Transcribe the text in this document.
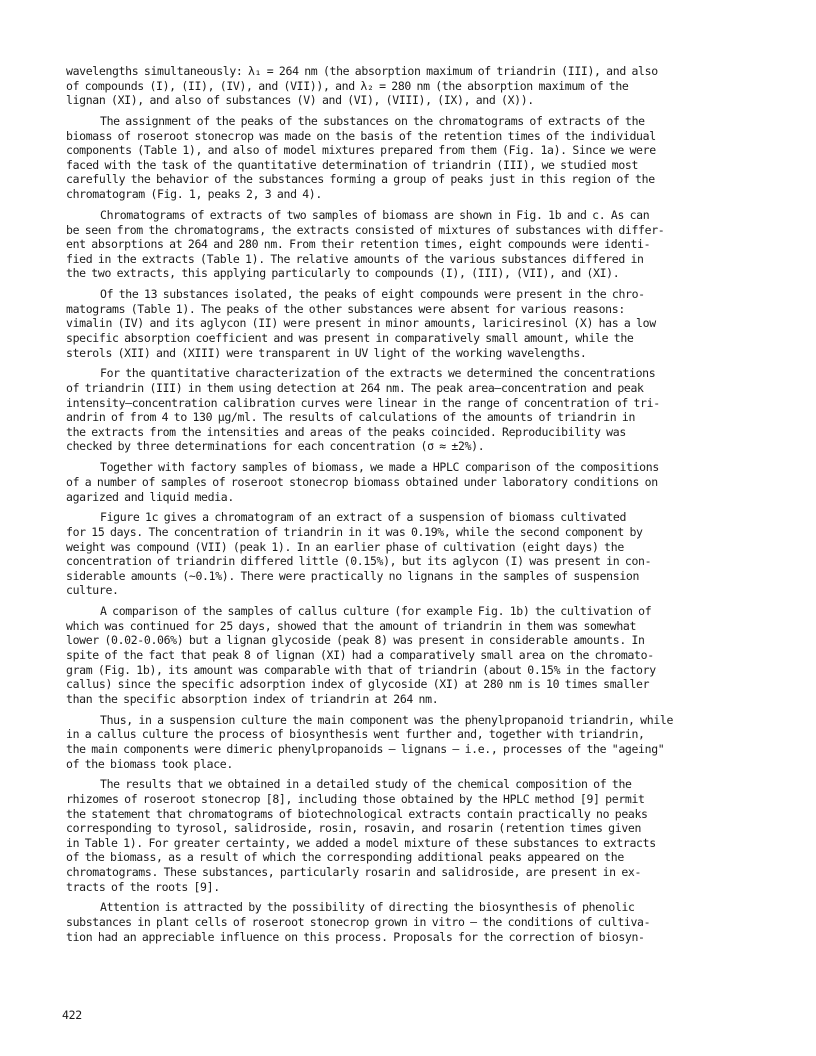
wavelengths simultaneously: λ₁ = 264 nm (the absorption maximum of triandrin (III), and also
of compounds (I), (II), (IV), and (VII)), and λ₂ = 280 nm (the absorption maximum of the
lignan (XI), and also of substances (V) and (VI), (VIII), (IX), and (X)).

The assignment of the peaks of the substances on the chromatograms of extracts of the
biomass of roseroot stonecrop was made on the basis of the retention times of the individual
components (Table 1), and also of model mixtures prepared from them (Fig. 1a). Since we were
faced with the task of the quantitative determination of triandrin (III), we studied most
carefully the behavior of the substances forming a group of peaks just in this region of the
chromatogram (Fig. 1, peaks 2, 3 and 4).

Chromatograms of extracts of two samples of biomass are shown in Fig. 1b and c. As can
be seen from the chromatograms, the extracts consisted of mixtures of substances with differ-
ent absorptions at 264 and 280 nm. From their retention times, eight compounds were identi-
fied in the extracts (Table 1). The relative amounts of the various substances differed in
the two extracts, this applying particularly to compounds (I), (III), (VII), and (XI).

Of the 13 substances isolated, the peaks of eight compounds were present in the chro-
matograms (Table 1). The peaks of the other substances were absent for various reasons:
vimalin (IV) and its aglycon (II) were present in minor amounts, lariciresinol (X) has a low
specific absorption coefficient and was present in comparatively small amount, while the
sterols (XII) and (XIII) were transparent in UV light of the working wavelengths.

For the quantitative characterization of the extracts we determined the concentrations
of triandrin (III) in them using detection at 264 nm. The peak area—concentration and peak
intensity—concentration calibration curves were linear in the range of concentration of tri-
andrin of from 4 to 130 µg/ml. The results of calculations of the amounts of triandrin in
the extracts from the intensities and areas of the peaks coincided. Reproducibility was
checked by three determinations for each concentration (σ ≈ ±2%).

Together with factory samples of biomass, we made a HPLC comparison of the compositions
of a number of samples of roseroot stonecrop biomass obtained under laboratory conditions on
agarized and liquid media.

Figure 1c gives a chromatogram of an extract of a suspension of biomass cultivated
for 15 days. The concentration of triandrin in it was 0.19%, while the second component by
weight was compound (VII) (peak 1). In an earlier phase of cultivation (eight days) the
concentration of triandrin differed little (0.15%), but its aglycon (I) was present in con-
siderable amounts (~0.1%). There were practically no lignans in the samples of suspension
culture.

A comparison of the samples of callus culture (for example Fig. 1b) the cultivation of
which was continued for 25 days, showed that the amount of triandrin in them was somewhat
lower (0.02-0.06%) but a lignan glycoside (peak 8) was present in considerable amounts. In
spite of the fact that peak 8 of lignan (XI) had a comparatively small area on the chromato-
gram (Fig. 1b), its amount was comparable with that of triandrin (about 0.15% in the factory
callus) since the specific adsorption index of glycoside (XI) at 280 nm is 10 times smaller
than the specific absorption index of triandrin at 264 nm.

Thus, in a suspension culture the main component was the phenylpropanoid triandrin, while
in a callus culture the process of biosynthesis went further and, together with triandrin,
the main components were dimeric phenylpropanoids — lignans — i.e., processes of the "ageing"
of the biomass took place.

The results that we obtained in a detailed study of the chemical composition of the
rhizomes of roseroot stonecrop [8], including those obtained by the HPLC method [9] permit
the statement that chromatograms of biotechnological extracts contain practically no peaks
corresponding to tyrosol, salidroside, rosin, rosavin, and rosarin (retention times given
in Table 1). For greater certainty, we added a model mixture of these substances to extracts
of the biomass, as a result of which the corresponding additional peaks appeared on the
chromatograms. These substances, particularly rosarin and salidroside, are present in ex-
tracts of the roots [9].

Attention is attracted by the possibility of directing the biosynthesis of phenolic
substances in plant cells of roseroot stonecrop grown in vitro — the conditions of cultiva-
tion had an appreciable influence on this process. Proposals for the correction of biosyn-

422
